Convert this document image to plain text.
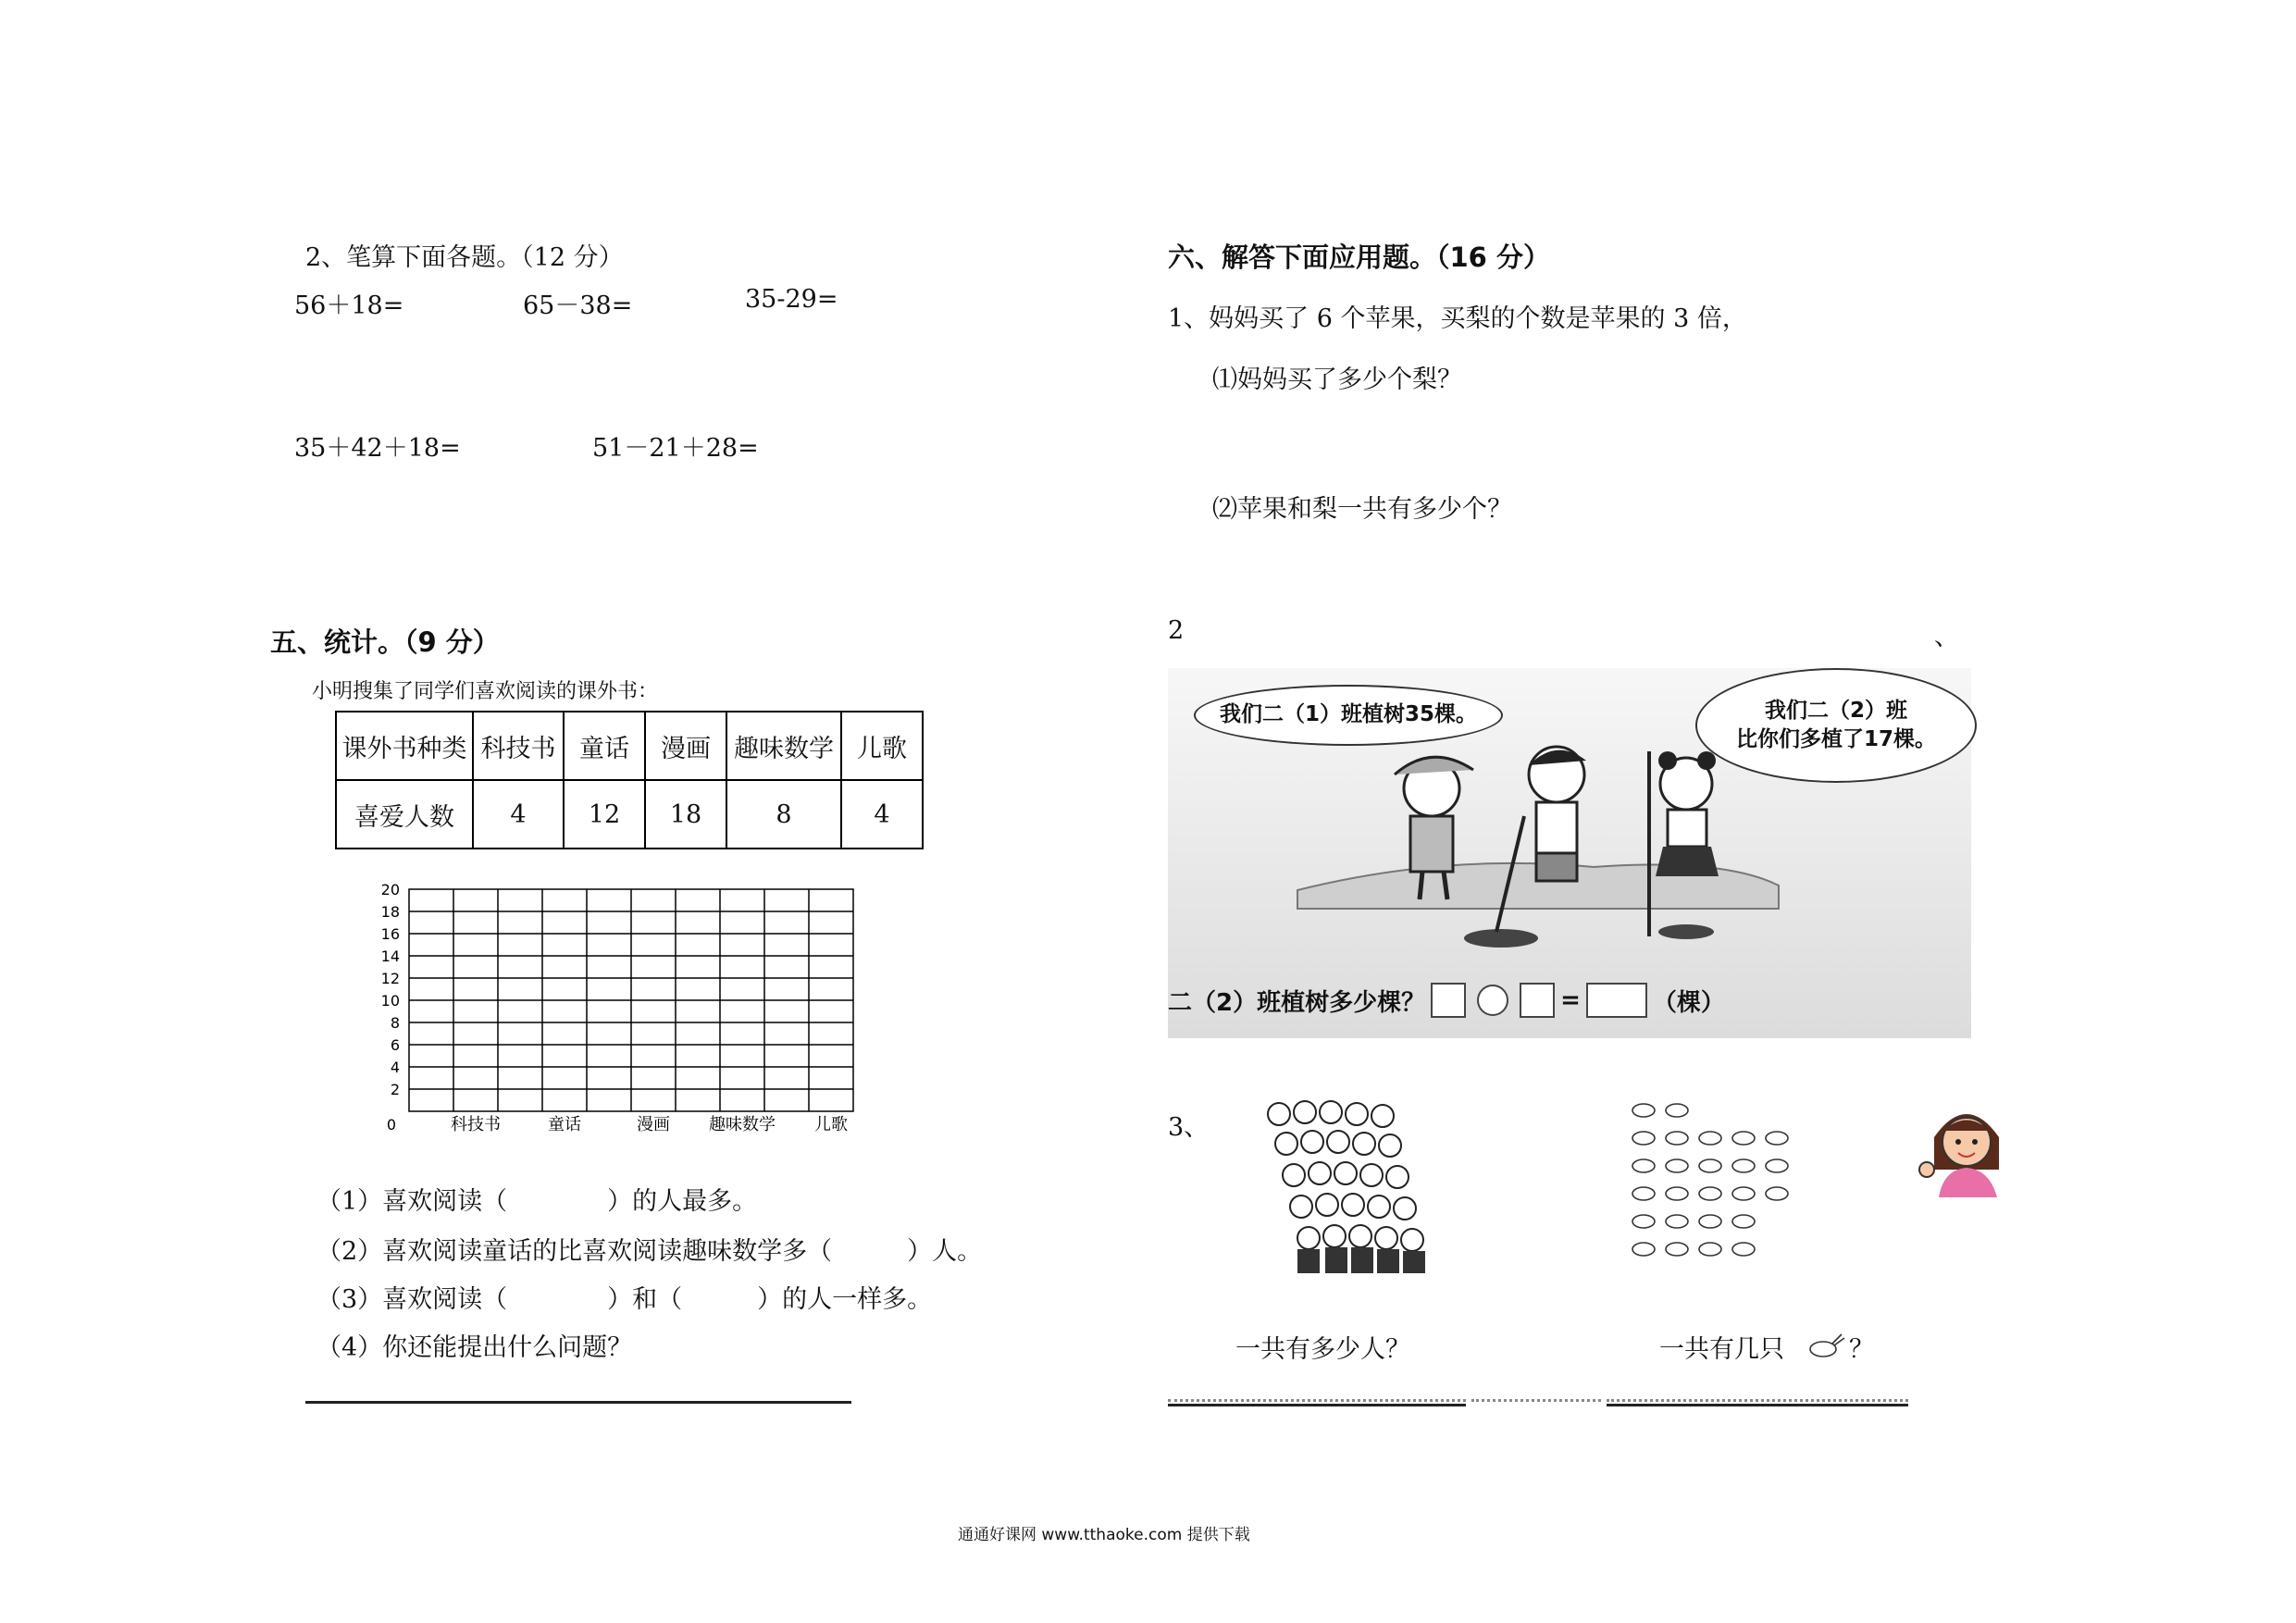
2、笔算下面各题。（12 分）
56＋18=	65－38=	35-29=
35＋42＋18=	51－21＋28=
五、统计。（9 分）
小明搜集了同学们喜欢阅读的课外书：
课外书种类	科技书	童话	漫画	趣味数学	儿歌
喜爱人数	4	12	18	8	4
20
18
16
14
12
10
8
6
4
2
0	科技书	童话	漫画 趣味数学 儿歌
（1）喜欢阅读（　　　　）的人最多。
（2）喜欢阅读童话的比喜欢阅读趣味数学多（　　　）人。
（3）喜欢阅读（　　　　）和（　　　）的人一样多。
（4）你还能提出什么问题？
六、解答下面应用题。（16 分）
1、妈妈买了 6 个苹果，买梨的个数是苹果的 3 倍，
⑴妈妈买了多少个梨？
⑵苹果和梨一共有多少个？
2	、
我们二（1）班植树35棵。	我们二（2）班
比你们多植了17棵。
二（2）班植树多少棵？	=	（棵）
3、
一共有多少人？	一共有几只	？
通通好课网 www.tthaoke.com 提供下载
